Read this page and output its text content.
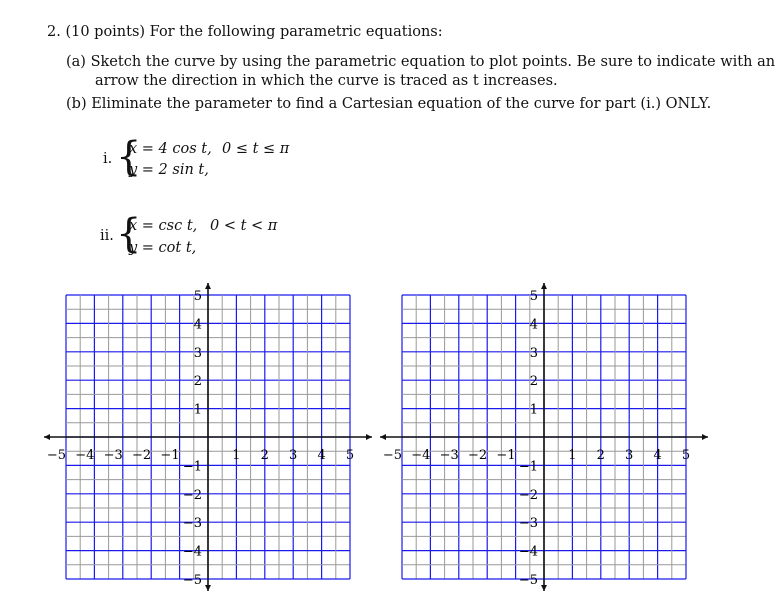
2. (10 points) For the following parametric equations:
(a) Sketch the curve by using the parametric equation to plot points. Be sure to indicate with an
arrow the direction in which the curve is traced as t increases.
(b) Eliminate the parameter to find a Cartesian equation of the curve for part (i.) ONLY.
i. {
x = 4 cos t, 0 ≤ t ≤ π
y = 2 sin t,
ii. {
x = csc t, 0 < t < π
y = cot t,
−5 −4 −3 −2 −1	1 2 3 4 5
5
4
3
2
1
−1
−2
−3
−4
−5
−5 −4 −3 −2 −1	1 2 3 4 5
5
4
3
2
1
−1
−2
−3
−4
−5
